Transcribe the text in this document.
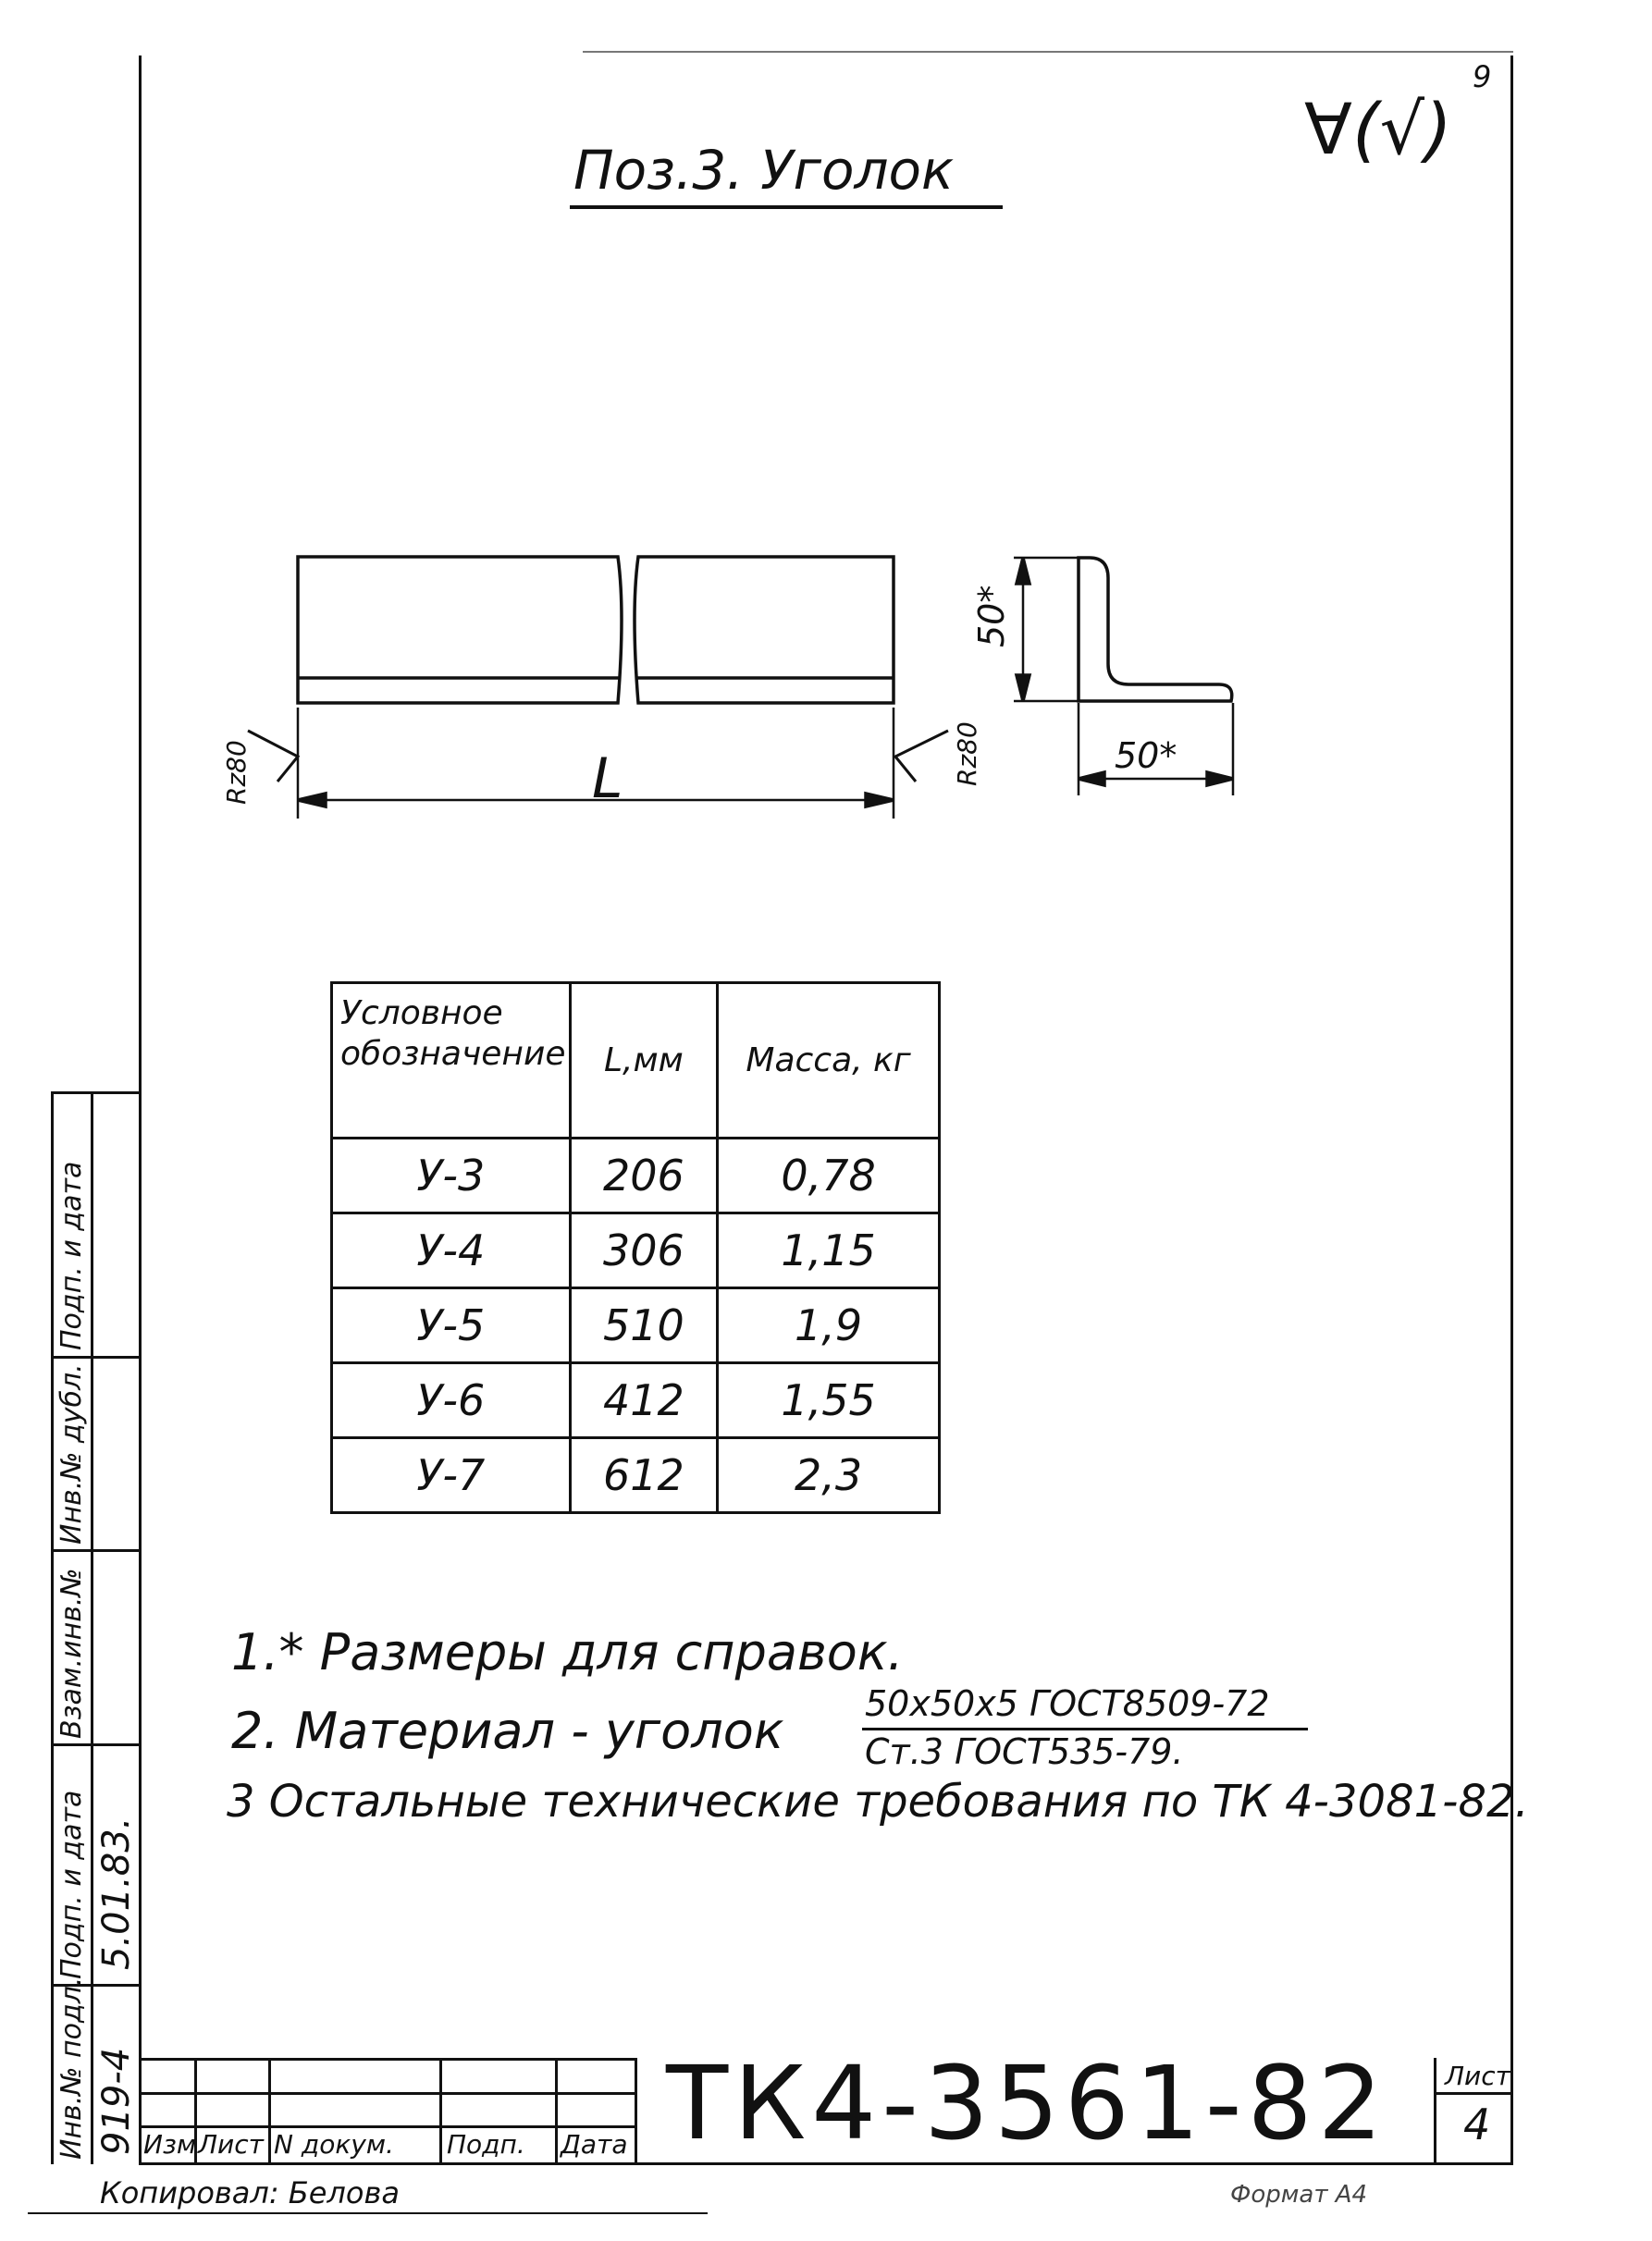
Поз.3. Уголок	∀(√)
9
L
50*
50*
Rz80	Rz80
Условное обозначение	L,мм	Масса, кг
У-3	206	0,78
У-4	306	1,15
У-5	510	1,9
У-6	412	1,55
У-7	612	2,3
1.* Размеры для справок.
2. Материал - уголок 50x50x5 ГОСТ8509-72
Ст.3 ГОСТ535-79.
3 Остальные технические требования по ТК 4-3081-82.
Инв.№ подл.
Подп. и дата
Взам.инв.№
Инв.№ дубл.
Подп. и дата
919-4
5.01.83.
Изм Лист N докум. Подп. Дата ТК4-3561-82 Лист
4
Копировал: Белова	Формат А4
